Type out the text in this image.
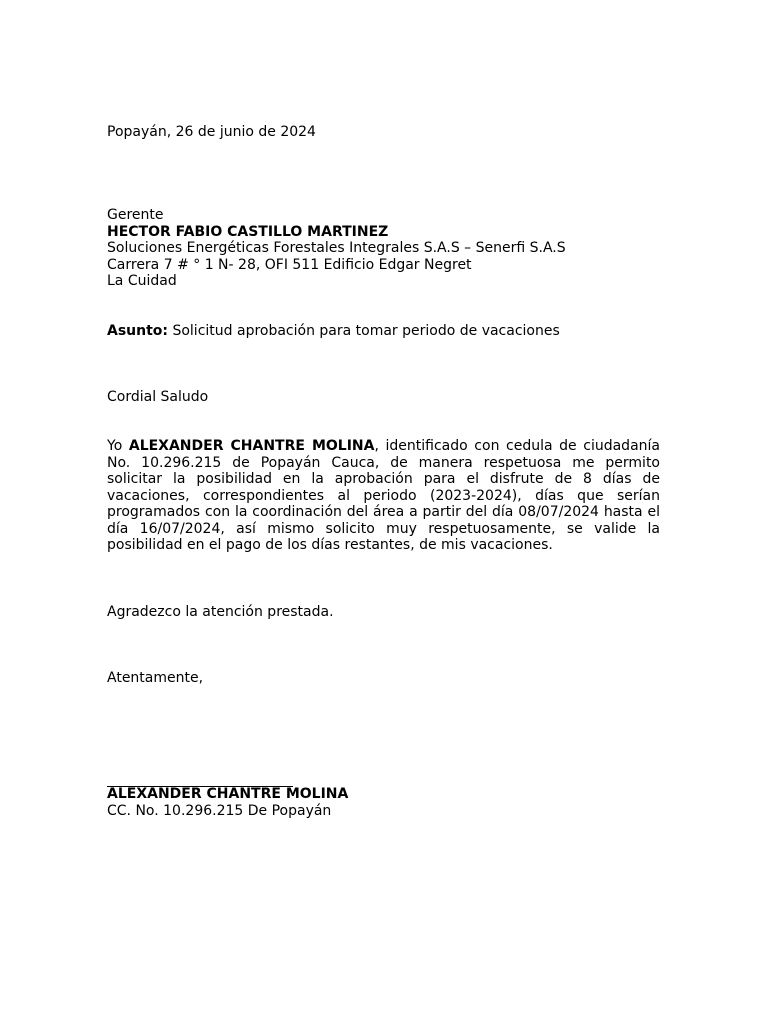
Popayán, 26 de junio de 2024
Gerente
HECTOR FABIO CASTILLO MARTINEZ
Soluciones Energéticas Forestales Integrales S.A.S – Senerfi S.A.S
Carrera 7 # ° 1 N- 28, OFI 511 Edificio Edgar Negret
La Cuidad
Asunto: Solicitud aprobación para tomar periodo de vacaciones
Cordial Saludo
Yo ALEXANDER CHANTRE MOLINA, identificado con cedula de ciudadanía No. 10.296.215 de Popayán Cauca, de manera respetuosa me permito solicitar la posibilidad en la aprobación para el disfrute de 8 días de vacaciones, correspondientes al periodo (2023-2024), días que serían programados con la coordinación del área a partir del día 08/07/2024 hasta el día 16/07/2024, así mismo solicito muy respetuosamente, se valide la posibilidad en el pago de los días restantes, de mis vacaciones.
Agradezco la atención prestada.
Atentamente,
ALEXANDER CHANTRE MOLINA
CC. No. 10.296.215 De Popayán
